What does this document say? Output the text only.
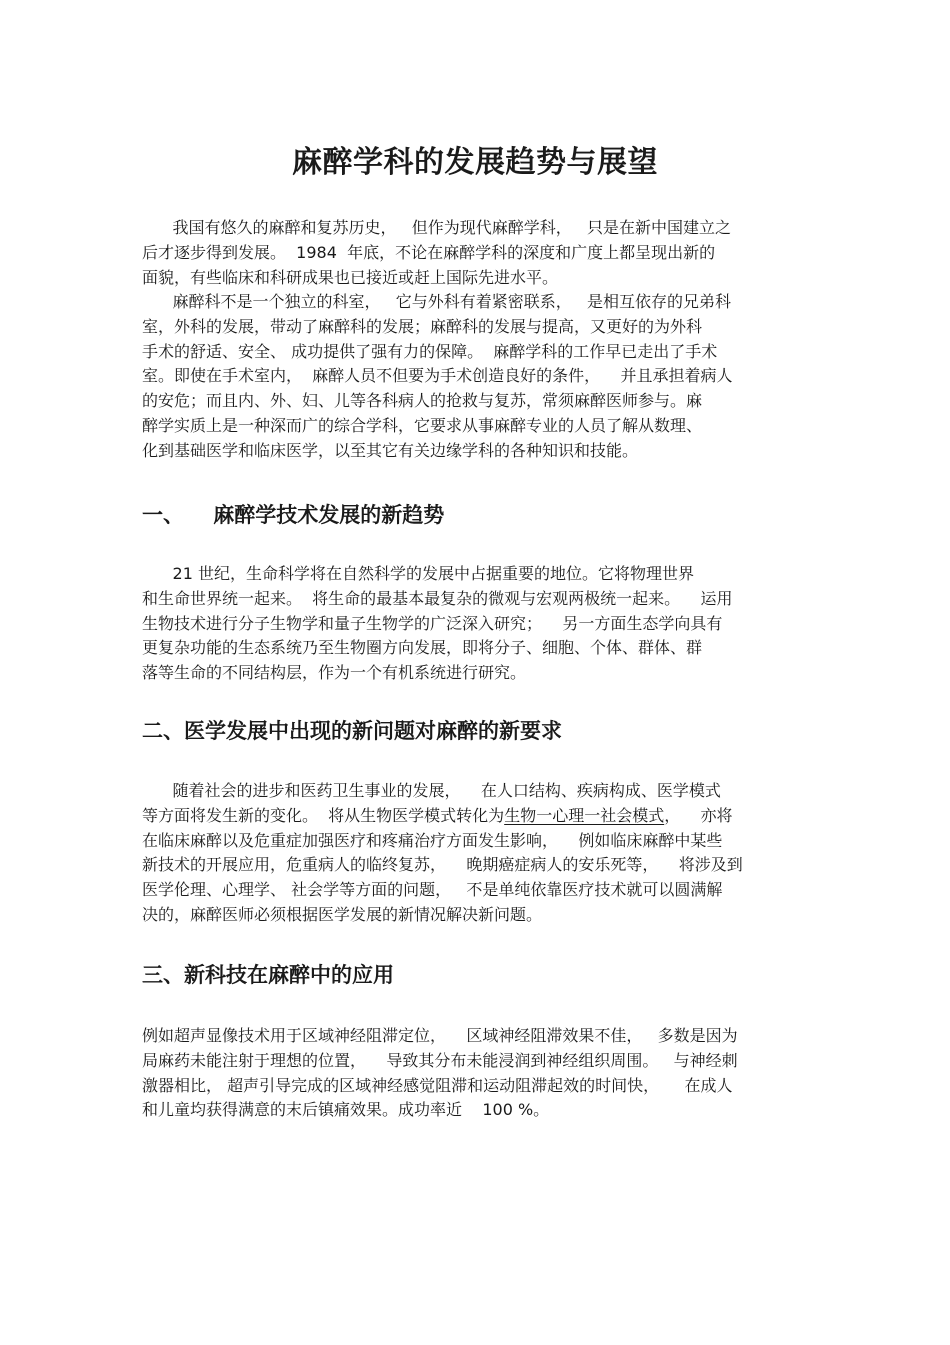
麻醉学科的发展趋势与展望
我国有悠久的麻醉和复苏历史，   但作为现代麻醉学科，   只是在新中国建立之
后才逐步得到发展。  1984  年底，不论在麻醉学科的深度和广度上都呈现出新的
面貌，有些临床和科研成果也已接近或赶上国际先进水平。
麻醉科不是一个独立的科室，   它与外科有着紧密联系，   是相互依存的兄弟科
室，外科的发展，带动了麻醉科的发展；麻醉科的发展与提高，又更好的为外科
手术的舒适、安全、 成功提供了强有力的保障。  麻醉学科的工作早已走出了手术
室。即使在手术室内，  麻醉人员不但要为手术创造良好的条件，    并且承担着病人
的安危；而且内、外、妇、儿等各科病人的抢救与复苏，常须麻醉医师参与。麻
醉学实质上是一种深而广的综合学科，它要求从事麻醉专业的人员了解从数理、
化到基础医学和临床医学，以至其它有关边缘学科的各种知识和技能。
一、    麻醉学技术发展的新趋势
21 世纪，生命科学将在自然科学的发展中占据重要的地位。它将物理世界
和生命世界统一起来。  将生命的最基本最复杂的微观与宏观两极统一起来。    运用
生物技术进行分子生物学和量子生物学的广泛深入研究；    另一方面生态学向具有
更复杂功能的生态系统乃至生物圈方向发展，即将分子、细胞、个体、群体、群
落等生命的不同结构层，作为一个有机系统进行研究。
二、医学发展中出现的新问题对麻醉的新要求
随着社会的进步和医药卫生事业的发展，    在人口结构、疾病构成、医学模式
等方面将发生新的变化。  将从生物医学模式转化为生物一心理一社会模式，    亦将
在临床麻醉以及危重症加强医疗和疼痛治疗方面发生影响，    例如临床麻醉中某些
新技术的开展应用，危重病人的临终复苏，    晚期癌症病人的安乐死等，    将涉及到
医学伦理、心理学、 社会学等方面的问题，   不是单纯依靠医疗技术就可以圆满解
决的，麻醉医师必须根据医学发展的新情况解决新问题。
三、新科技在麻醉中的应用
例如超声显像技术用于区域神经阻滞定位，    区域神经阻滞效果不佳，   多数是因为
局麻药未能注射于理想的位置，    导致其分布未能浸润到神经组织周围。   与神经刺
激器相比， 超声引导完成的区域神经感觉阻滞和运动阻滞起效的时间快，     在成人
和儿童均获得满意的末后镇痛效果。成功率近    100 %。
